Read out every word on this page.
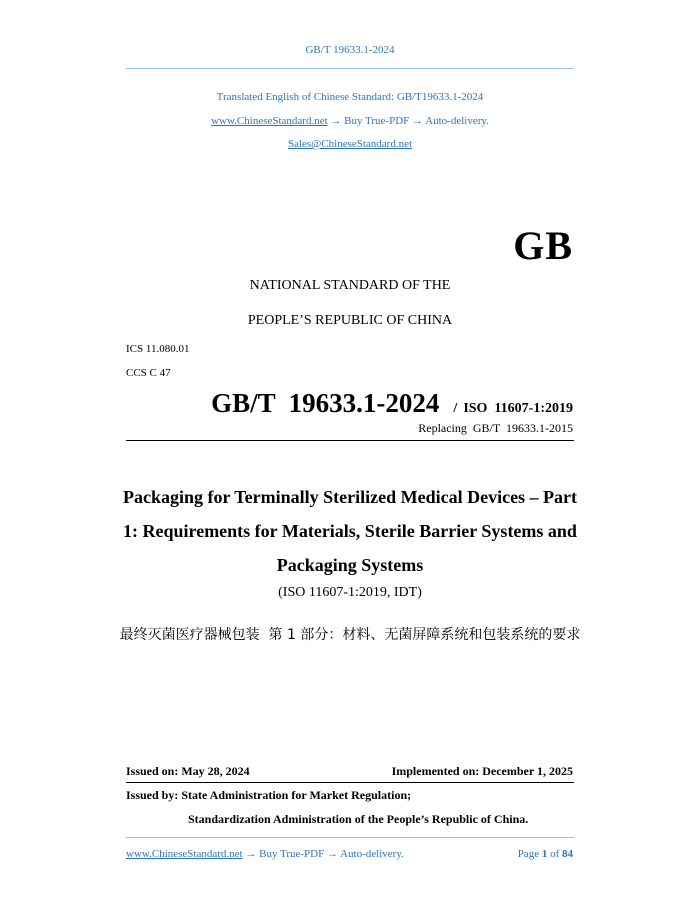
GB/T 19633.1-2024
Translated English of Chinese Standard: GB/T19633.1-2024
www.ChineseStandard.net → Buy True-PDF → Auto-delivery.
Sales@ChineseStandard.net
GB
NATIONAL STANDARD OF THE
PEOPLE’S REPUBLIC OF CHINA
ICS 11.080.01
CCS C 47
GB/T  19633.1-2024 / ISO  11607-1:2019
Replacing  GB/T  19633.1-2015
Packaging for Terminally Sterilized Medical Devices – Part 1: Requirements for Materials, Sterile Barrier Systems and Packaging Systems
(ISO 11607-1:2019, IDT)
最终灭菌医疗器械包装  第 1 部分：材料、无菌屏障系统和包装系统的要求
Issued on: May 28, 2024	Implemented on: December 1, 2025
Issued by: State Administration for Market Regulation;
Standardization Administration of the People’s Republic of China.
www.ChineseStandard.net → Buy True-PDF → Auto-delivery.	Page 1 of 84
